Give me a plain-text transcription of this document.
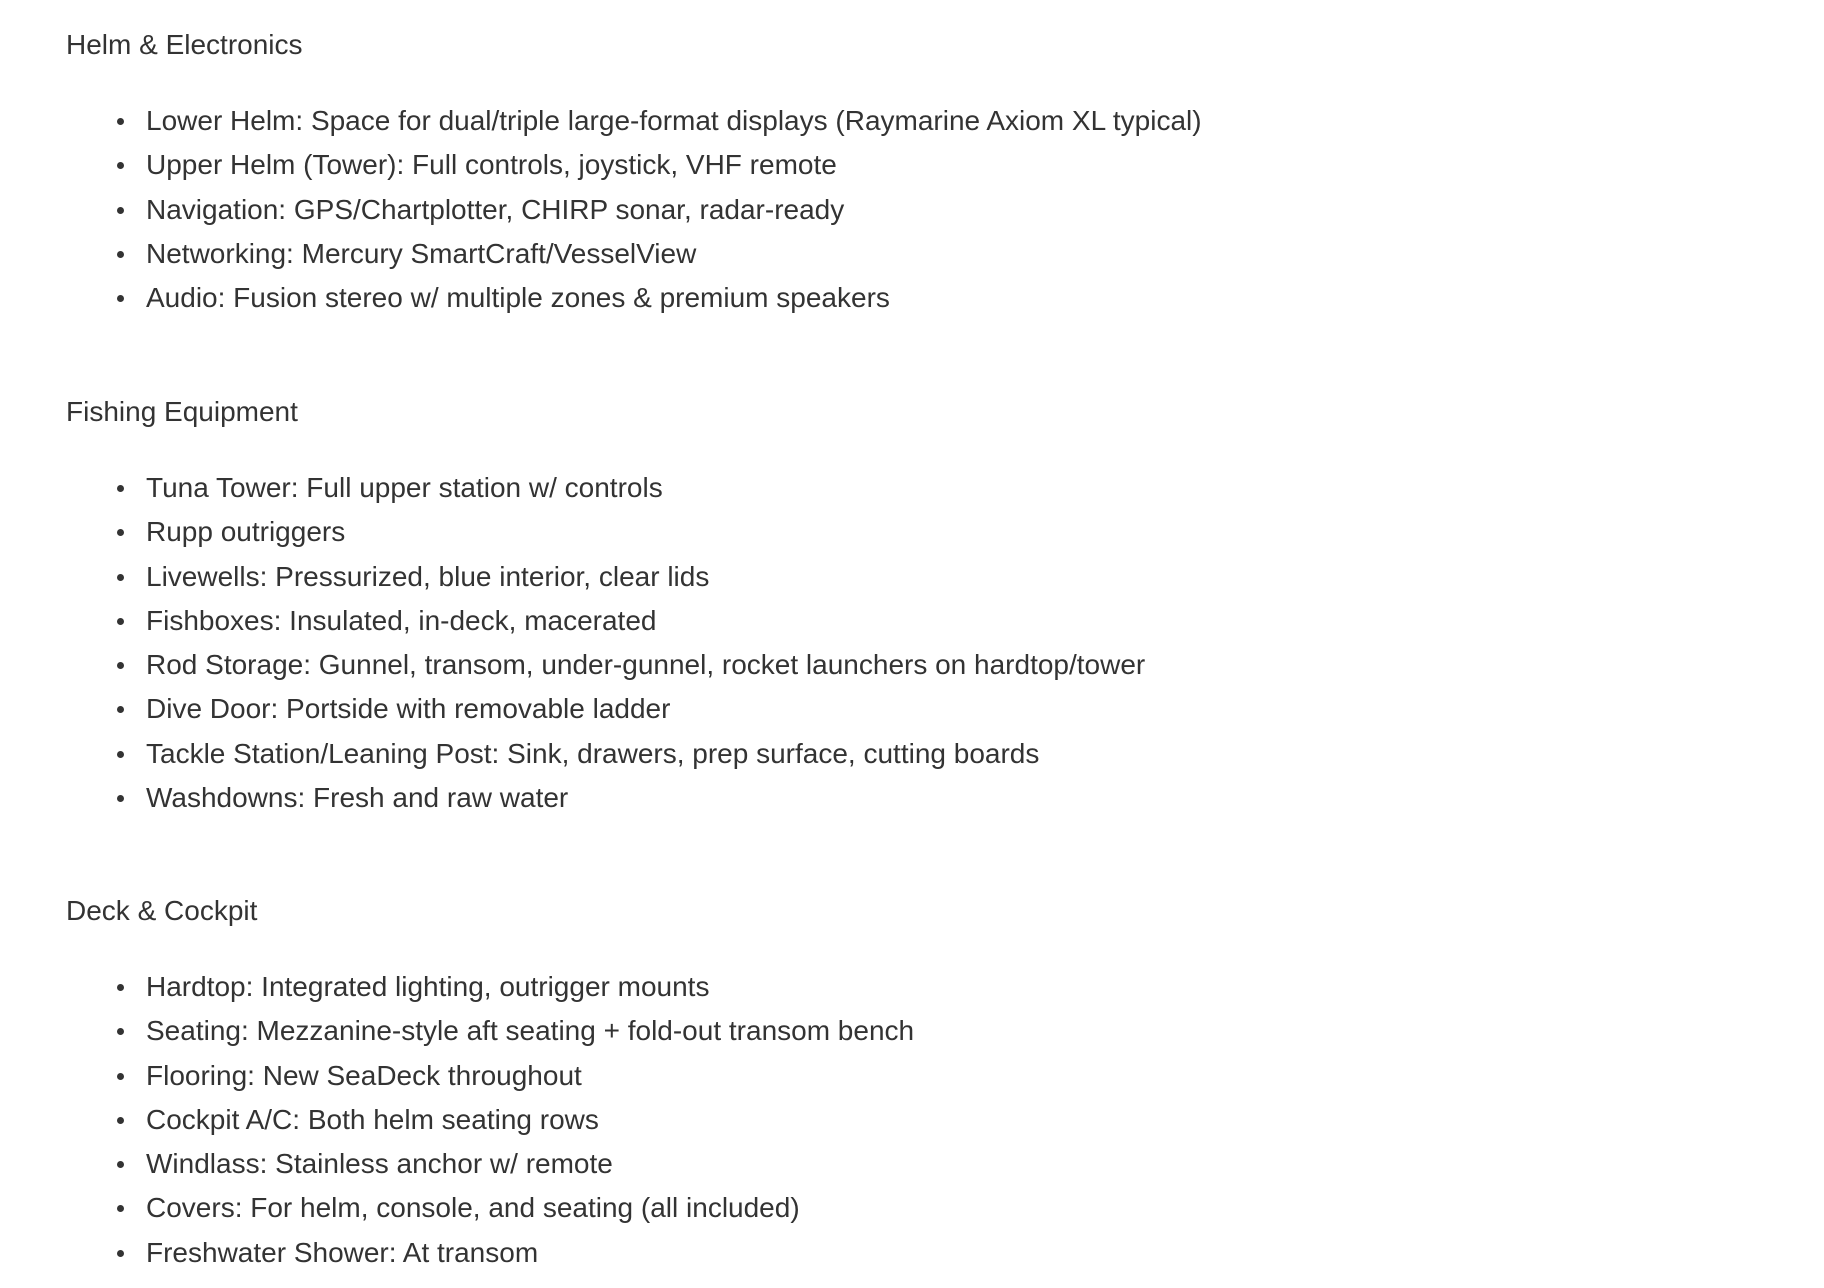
Helm & Electronics
Lower Helm: Space for dual/triple large-format displays (Raymarine Axiom XL typical)
Upper Helm (Tower): Full controls, joystick, VHF remote
Navigation: GPS/Chartplotter, CHIRP sonar, radar-ready
Networking: Mercury SmartCraft/VesselView
Audio: Fusion stereo w/ multiple zones & premium speakers
Fishing Equipment
Tuna Tower: Full upper station w/ controls
Rupp outriggers
Livewells: Pressurized, blue interior, clear lids
Fishboxes: Insulated, in-deck, macerated
Rod Storage: Gunnel, transom, under-gunnel, rocket launchers on hardtop/tower
Dive Door: Portside with removable ladder
Tackle Station/Leaning Post: Sink, drawers, prep surface, cutting boards
Washdowns: Fresh and raw water
Deck & Cockpit
Hardtop: Integrated lighting, outrigger mounts
Seating: Mezzanine-style aft seating + fold-out transom bench
Flooring: New SeaDeck throughout
Cockpit A/C: Both helm seating rows
Windlass: Stainless anchor w/ remote
Covers: For helm, console, and seating (all included)
Freshwater Shower: At transom
